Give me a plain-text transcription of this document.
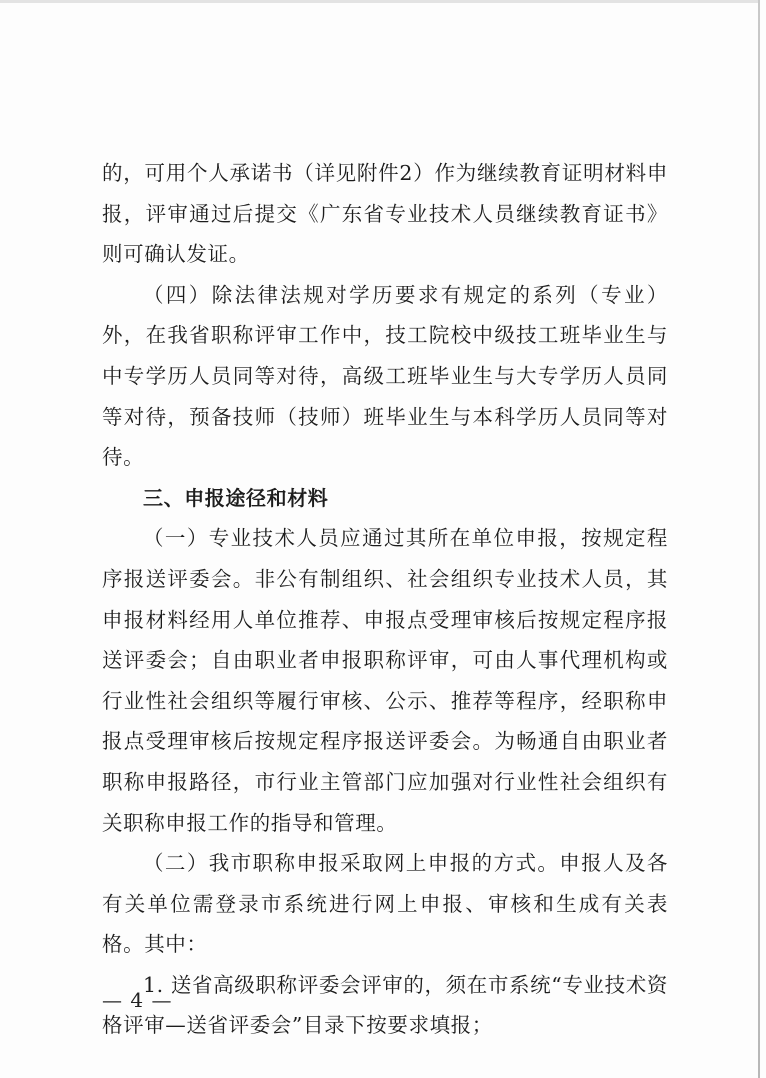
的，可用个人承诺书（详见附件2）作为继续教育证明材料申报，评审通过后提交《广东省专业技术人员继续教育证书》则可确认发证。

（四）除法律法规对学历要求有规定的系列（专业）外，在我省职称评审工作中，技工院校中级技工班毕业生与中专学历人员同等对待，高级工班毕业生与大专学历人员同等对待，预备技师（技师）班毕业生与本科学历人员同等对待。

三、申报途径和材料

（一）专业技术人员应通过其所在单位申报，按规定程序报送评委会。非公有制组织、社会组织专业技术人员，其申报材料经用人单位推荐、申报点受理审核后按规定程序报送评委会；自由职业者申报职称评审，可由人事代理机构或行业性社会组织等履行审核、公示、推荐等程序，经职称申报点受理审核后按规定程序报送评委会。为畅通自由职业者职称申报路径，市行业主管部门应加强对行业性社会组织有关职称申报工作的指导和管理。

（二）我市职称申报采取网上申报的方式。申报人及各有关单位需登录市系统进行网上申报、审核和生成有关表格。其中：

1. 送省高级职称评委会评审的，须在市系统“专业技术资格评审—送省评委会”目录下按要求填报；

— 4 —
